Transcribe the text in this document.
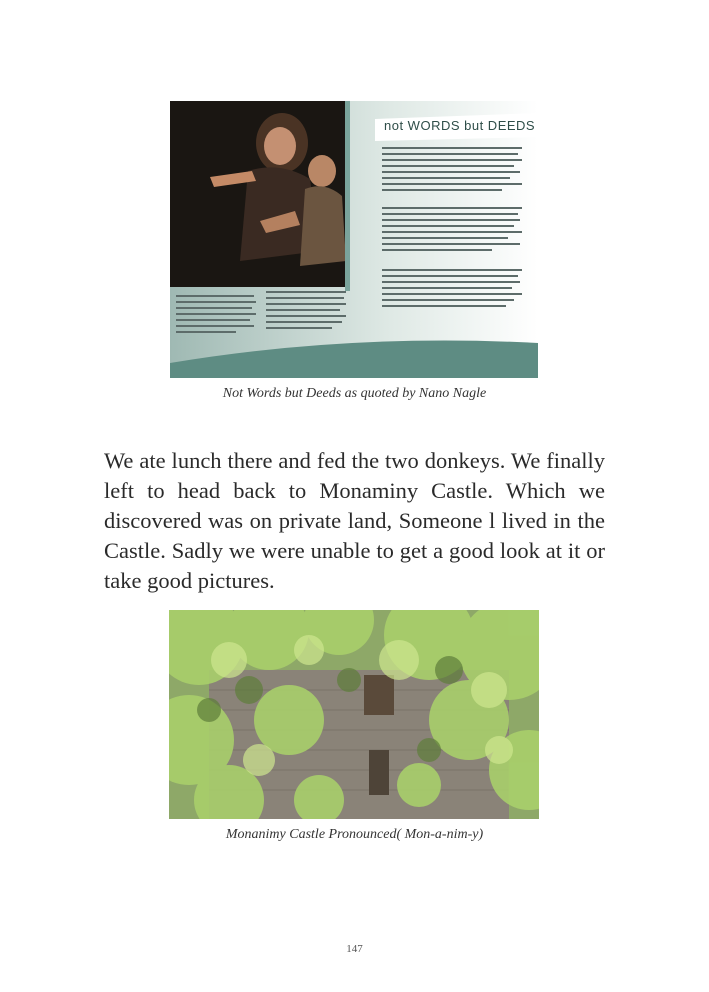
not WORDS but DEEDS
Not Words but Deeds as quoted by Nano Nagle

We ate lunch there and fed the two donkeys. We finally left to head back to Monaminy Castle. Which we discovered was on private land, Someone l lived in the Castle. Sadly we were unable to get a good look at it or take good pictures.

Monanimy Castle Pronounced( Mon-a-nim-y)
147
